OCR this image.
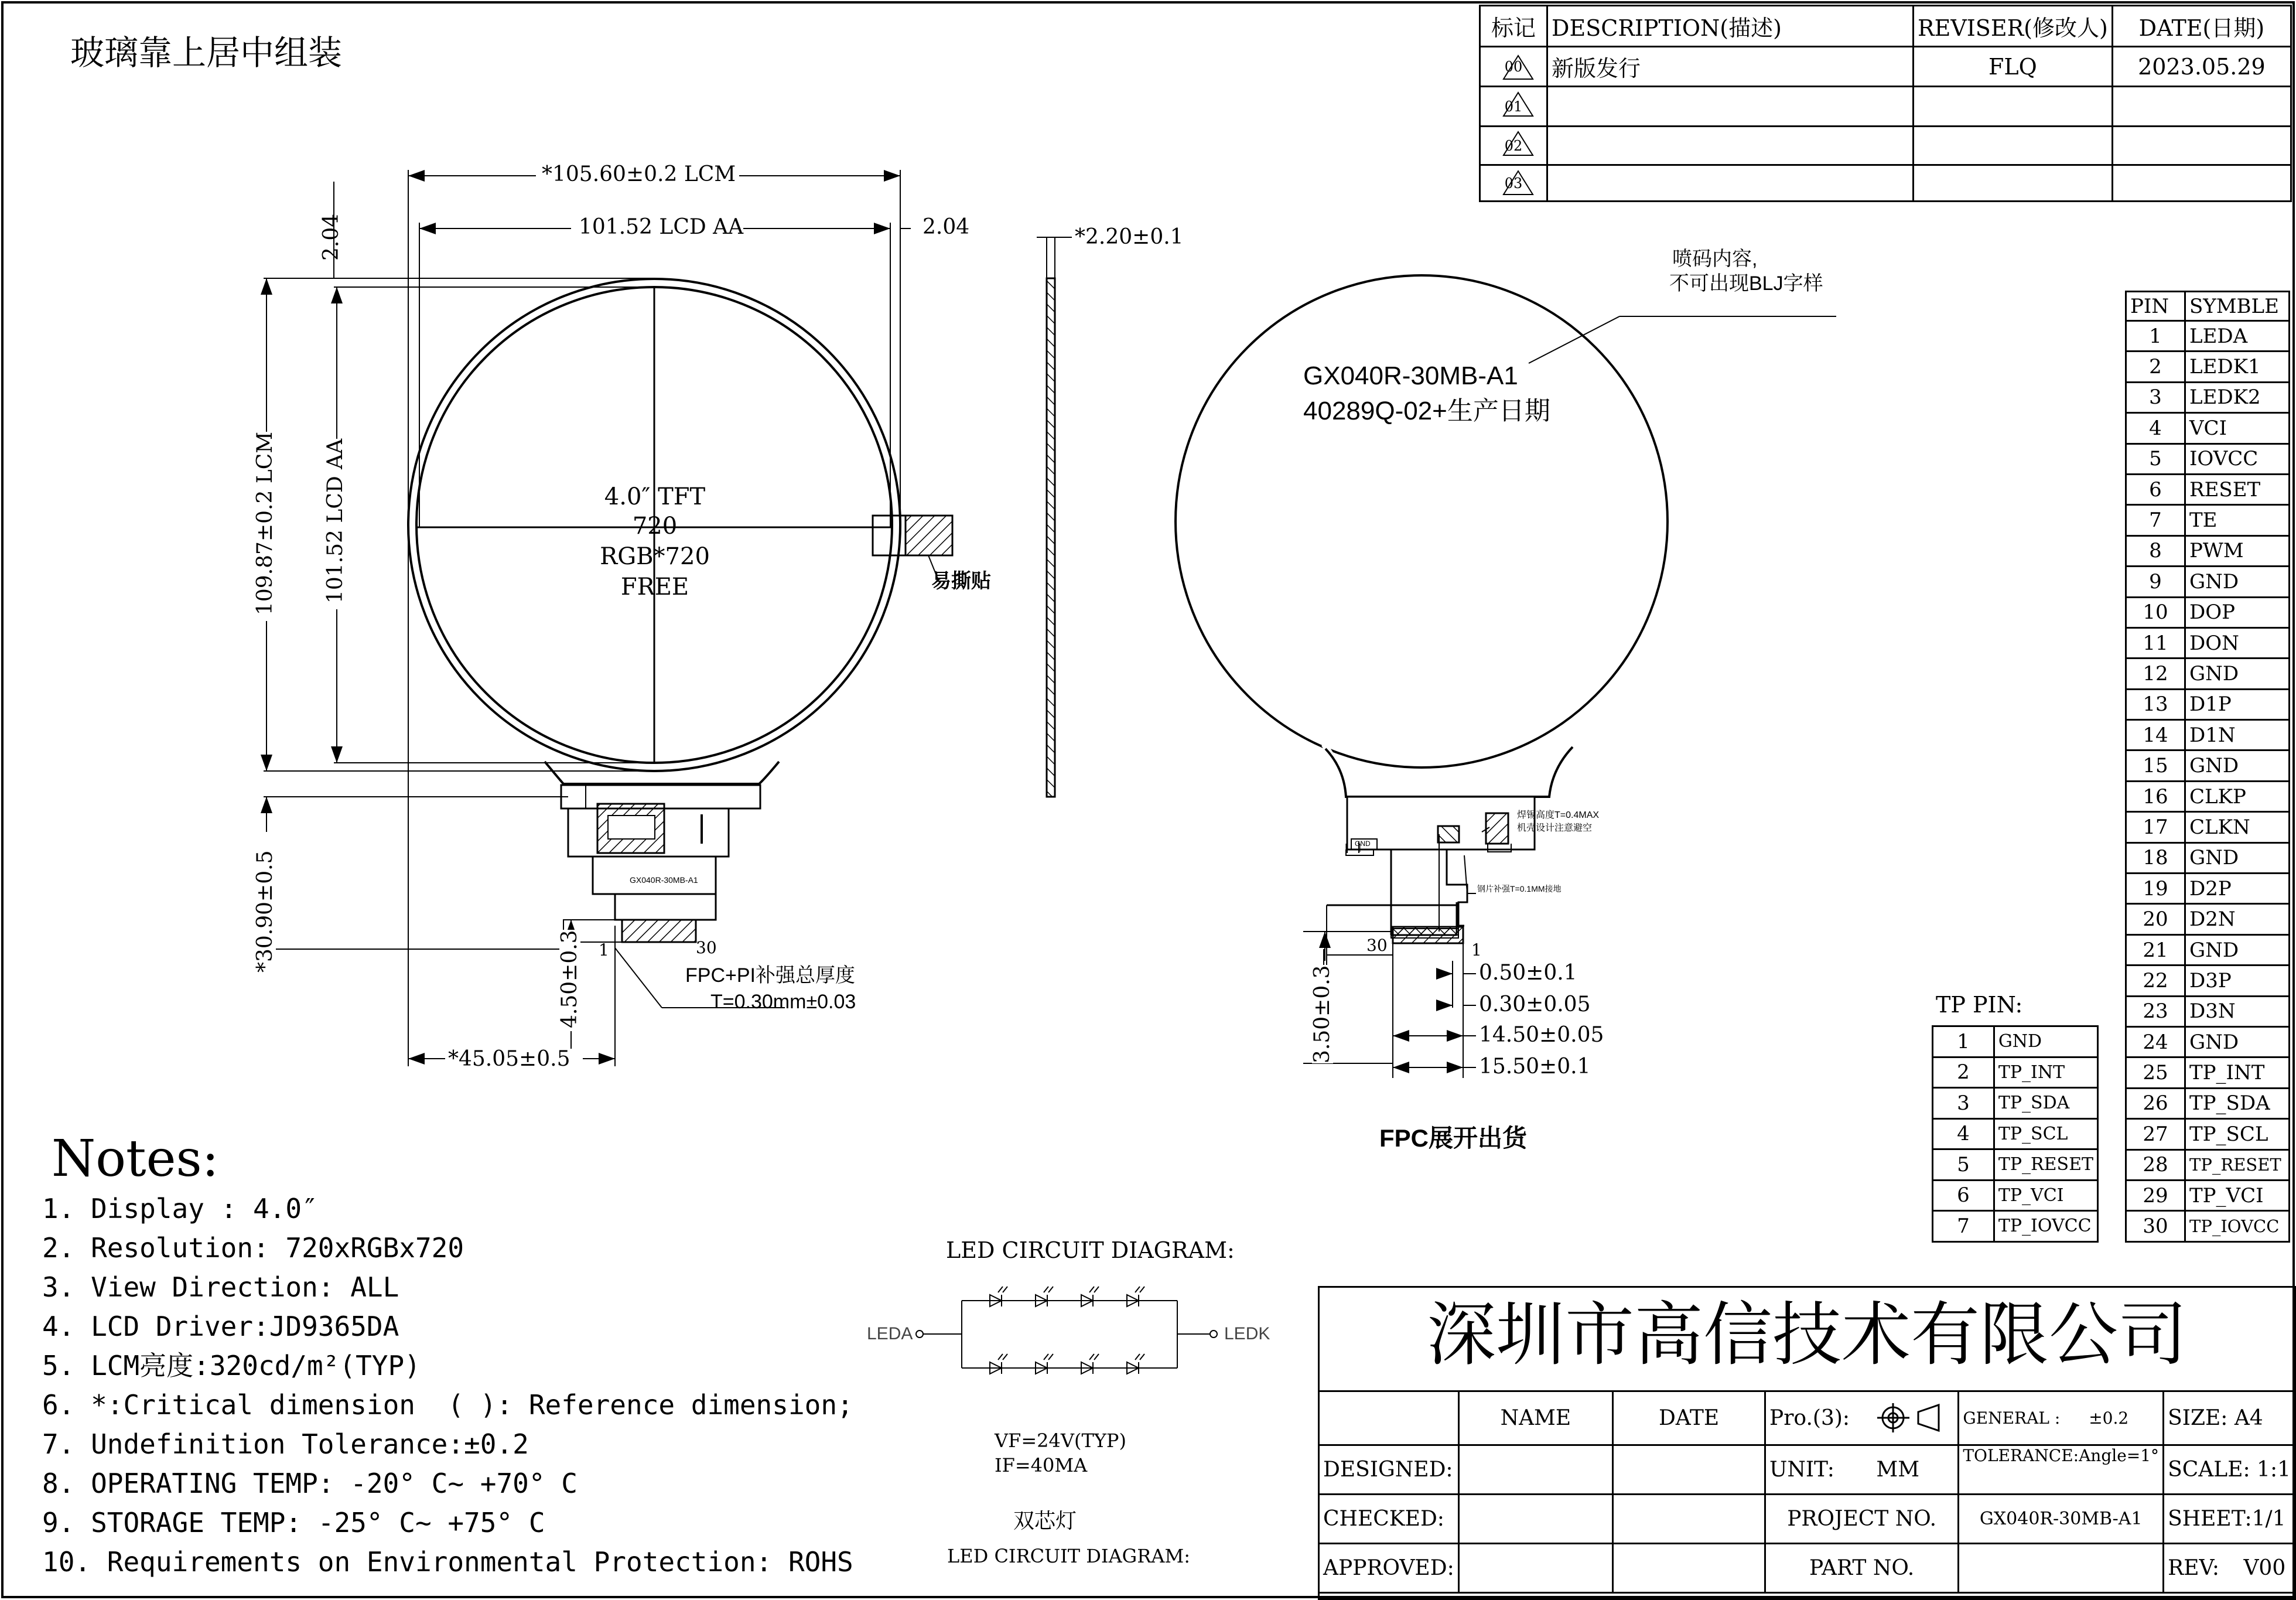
玻璃靠上居中组装
标记	DESCRIPTION(描述)	REVISER(修改人)	DATE(日期)
00	新版发行	FLQ	2023.05.29
01			
02			
03			
*105.60±0.2 LCM
101.52 LCD AA	2.04
2.04
109.87±0.2 LCM 101.52 LCD AA
*30.90±0.5
4.50±0.3
*45.05±0.5
4.0″ TFT
720
RGB*720
FREE	易撕贴
GX040R-30MB-A1
1	30
FPC+PI补强总厚度
T=0.30mm±0.03
*2.20±0.1
喷码内容,
不可出现BLJ字样
GX040R-30MB-A1
40289Q-02+生产日期
焊锡高度T=0.4MAX
机壳设计注意避空
钢片补强T=0.1MM接地
GND
30	1
3.50±0.3	0.50±0.1
0.30±0.05
14.50±0.05
15.50±0.1
FPC展开出货
PIN	SYMBLE
1	LEDA
2	LEDK1
3	LEDK2
4	VCI
5	IOVCC
6	RESET
7	TE
8	PWM
9	GND
10	DOP
11	DON
12	GND
13	D1P
14	D1N
15	GND
16	CLKP
17	CLKN
18	GND
19	D2P
20	D2N
21	GND
22	D3P
23	D3N
24	GND
25	TP_INT
26	TP_SDA
27	TP_SCL
28	TP_RESET
29	TP_VCI
30	TP_IOVCC
TP PIN:
1	GND
2	TP_INT
3	TP_SDA
4	TP_SCL
5	TP_RESET
6	TP_VCI
7	TP_IOVCC
Notes:
1. Display : 4.0″
2. Resolution: 720xRGBx720
3. View Direction: ALL
4. LCD Driver:JD9365DA
5. LCM亮度:320cd/m²(TYP)
6. *:Critical dimension  ( ): Reference dimension;
7. Undefinition Tolerance:±0.2
8. OPERATING TEMP: -20° C~ +70° C
9. STORAGE TEMP: -25° C~ +75° C
10. Requirements on Environmental Protection: ROHS
LED CIRCUIT DIAGRAM:
LEDA	LEDK
VF=24V(TYP)
IF=40MA
双芯灯
LED CIRCUIT DIAGRAM:
深圳市高信技术有限公司
	NAME	DATE	Pro.(3):	GENERAL : ±0.2	SIZE: A4
DESIGNED:			UNIT: MM	TOLERANCE:Angle=1°	SCALE: 1:1
CHECKED:			PROJECT NO.	GX040R-30MB-A1	SHEET:1/1
APPROVED:			PART NO.		REV: V00
